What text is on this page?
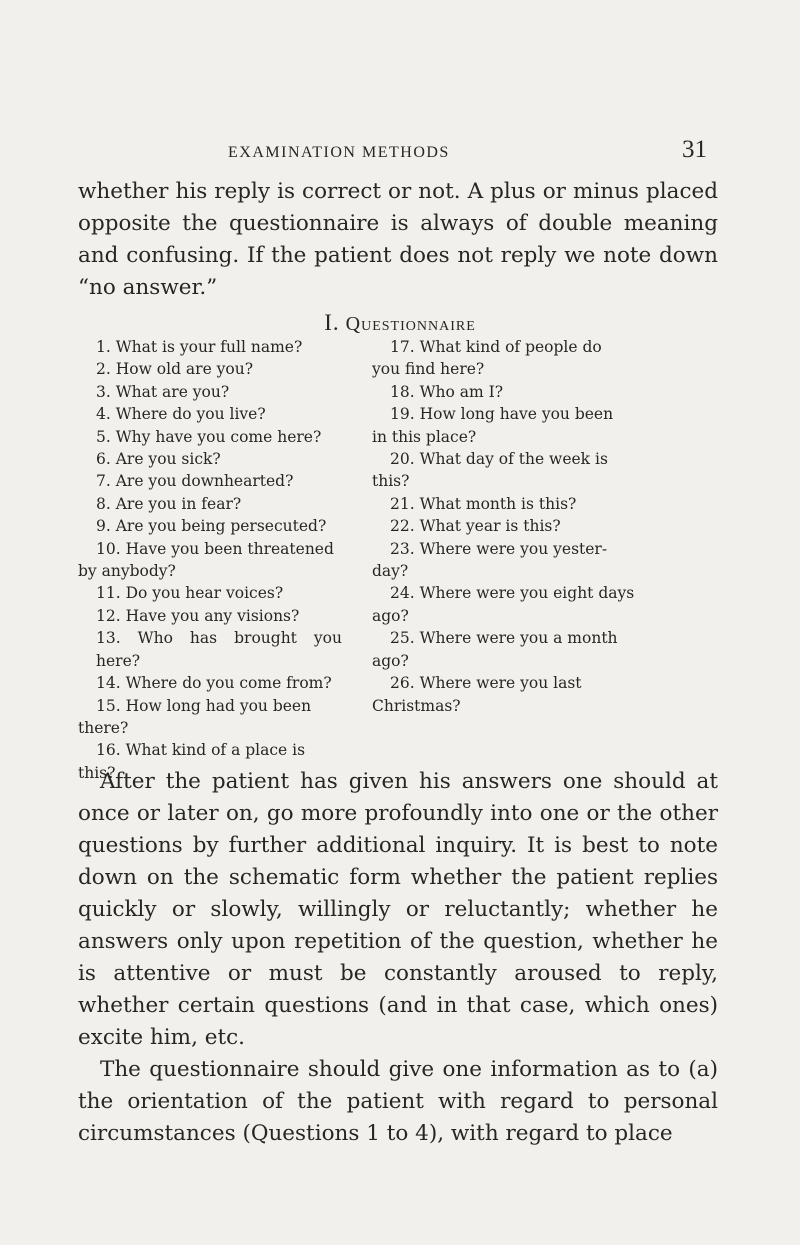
EXAMINATION METHODS	31
whether his reply is correct or not. A plus or minus placed opposite the questionnaire is always of double meaning and confusing. If the patient does not reply we note down “no answer.”
I. Questionnaire
1. What is your full name?
2. How old are you?
3. What are you?
4. Where do you live?
5. Why have you come here?
6. Are you sick?
7. Are you downhearted?
8. Are you in fear?
9. Are you being persecuted?
10. Have you been threatened
by anybody?
11. Do you hear voices?
12. Have you any visions?
13. Who has brought you here?
14. Where do you come from?
15. How long had you been
there?
16. What kind of a place is
this?
17. What kind of people do
you find here?
18. Who am I?
19. How long have you been
in this place?
20. What day of the week is
this?
21. What month is this?
22. What year is this?
23. Where were you yester-
day?
24. Where were you eight days
ago?
25. Where were you a month
ago?
26. Where were you last
Christmas?
After the patient has given his answers one should at once or later on, go more profoundly into one or the other questions by further additional inquiry. It is best to note down on the schematic form whether the patient replies quickly or slowly, willingly or reluctantly; whether he answers only upon repetition of the question, whether he is attentive or must be constantly aroused to reply, whether certain questions (and in that case, which ones) excite him, etc.
The questionnaire should give one information as to (a) the orientation of the patient with regard to personal circumstances (Questions 1 to 4), with regard to place
